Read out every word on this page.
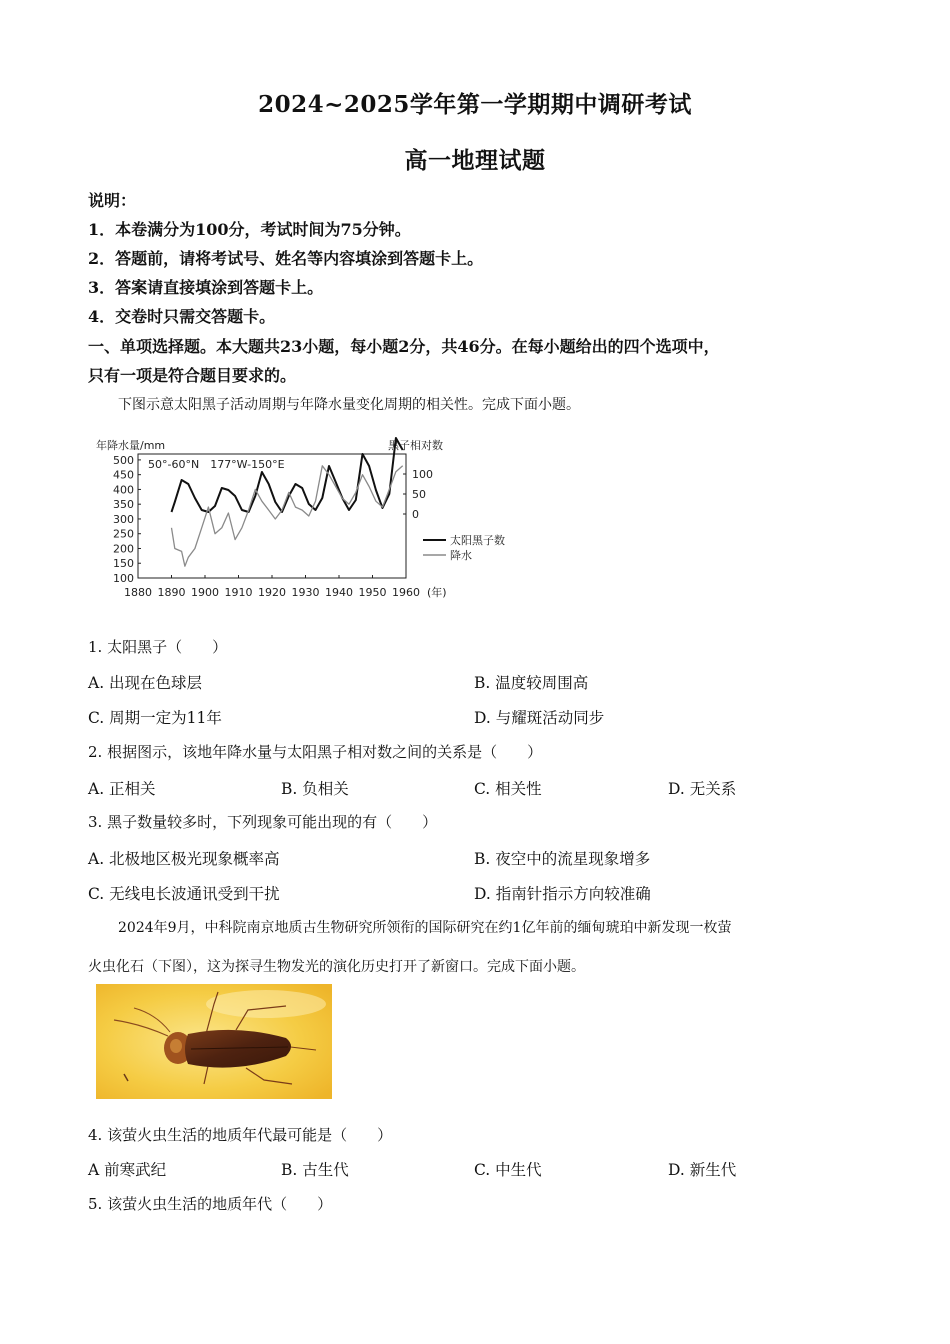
2024~2025学年第一学期期中调研考试
高一地理试题
说明：
1．本卷满分为100分，考试时间为75分钟。
2．答题前，请将考试号、姓名等内容填涂到答题卡上。
3．答案请直接填涂到答题卡上。
4．交卷时只需交答题卡。
一、单项选择题。本大题共23小题，每小题2分，共46分。在每小题给出的四个选项中，
只有一项是符合题目要求的。
下图示意太阳黑子活动周期与年降水量变化周期的相关性。完成下面小题。
年降水量/mm	黑子相对数
50°-60°N　177°W-150°E
1880 1890 1900 1910 1920 1930 1940 1950 1960 (年)
100
150
200
250
300
350
400
450
500
0
50
100
太阳黑子数
降水
1. 太阳黑子（　　）
A. 出现在色球层	B. 温度较周围高
C. 周期一定为11年	D. 与耀斑活动同步
2. 根据图示，该地年降水量与太阳黑子相对数之间的关系是（　　）
A. 正相关	B. 负相关	C. 相关性	D. 无关系
3. 黑子数量较多时，下列现象可能出现的有（　　）
A. 北极地区极光现象概率高	B. 夜空中的流星现象增多
C. 无线电长波通讯受到干扰	D. 指南针指示方向较准确
2024年9月，中科院南京地质古生物研究所领衔的国际研究在约1亿年前的缅甸琥珀中新发现一枚萤
火虫化石（下图），这为探寻生物发光的演化历史打开了新窗口。完成下面小题。
4. 该萤火虫生活的地质年代最可能是（　　）
A 前寒武纪	B. 古生代	C. 中生代	D. 新生代
5. 该萤火虫生活的地质年代（　　）
